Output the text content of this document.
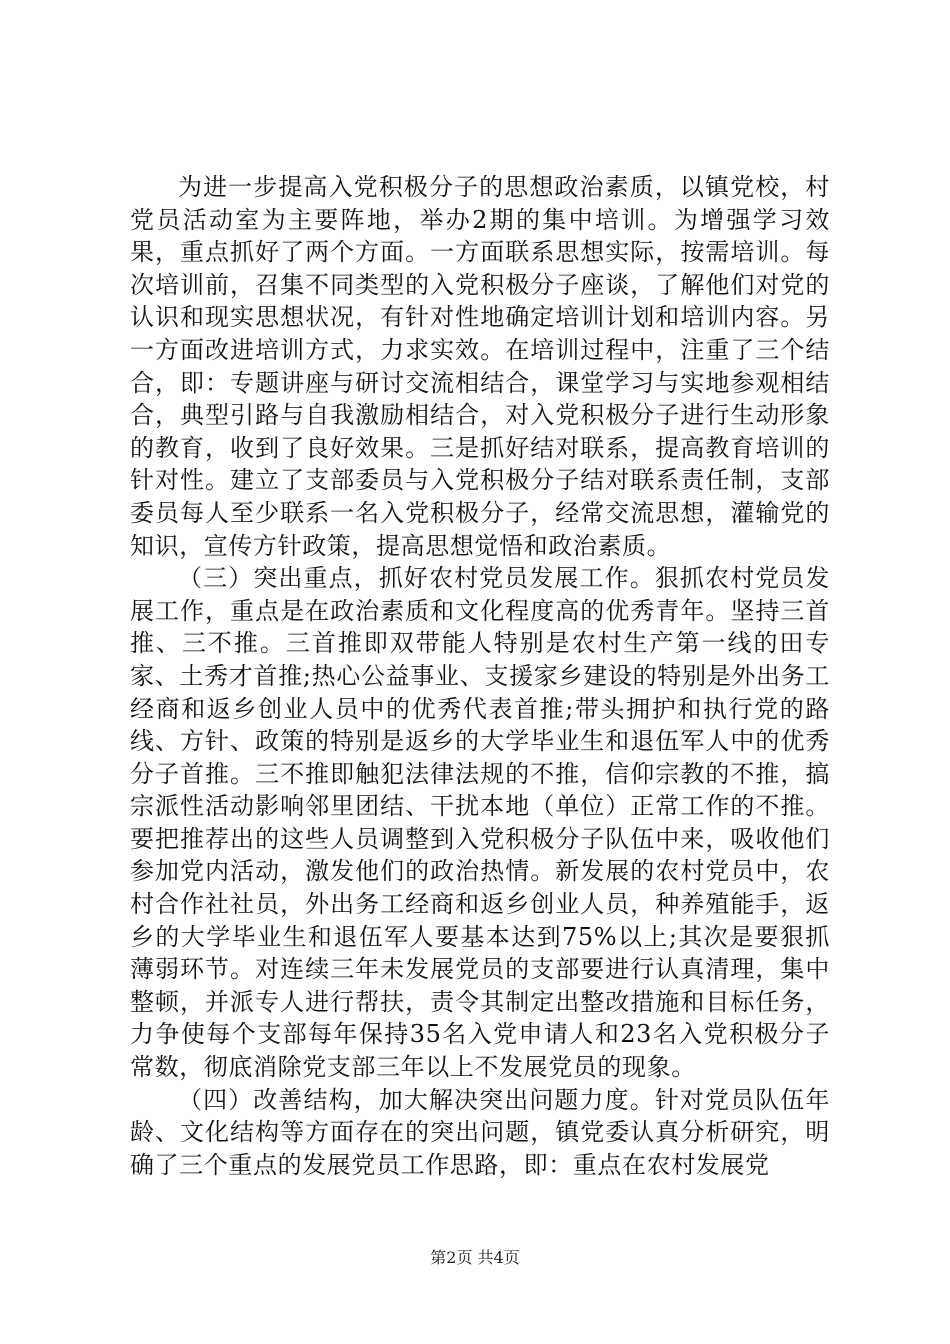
为进一步提高入党积极分子的思想政治素质，以镇党校，村党员活动室为主要阵地，举办2期的集中培训。为增强学习效果，重点抓好了两个方面。一方面联系思想实际，按需培训。每次培训前，召集不同类型的入党积极分子座谈，了解他们对党的认识和现实思想状况，有针对性地确定培训计划和培训内容。另一方面改进培训方式，力求实效。在培训过程中，注重了三个结合，即：专题讲座与研讨交流相结合，课堂学习与实地参观相结合，典型引路与自我激励相结合，对入党积极分子进行生动形象的教育，收到了良好效果。三是抓好结对联系，提高教育培训的针对性。建立了支部委员与入党积极分子结对联系责任制，支部委员每人至少联系一名入党积极分子，经常交流思想，灌输党的知识，宣传方针政策，提高思想觉悟和政治素质。

（三）突出重点，抓好农村党员发展工作。狠抓农村党员发展工作，重点是在政治素质和文化程度高的优秀青年。坚持三首推、三不推。三首推即双带能人特别是农村生产第一线的田专家、土秀才首推;热心公益事业、支援家乡建设的特别是外出务工经商和返乡创业人员中的优秀代表首推;带头拥护和执行党的路线、方针、政策的特别是返乡的大学毕业生和退伍军人中的优秀分子首推。三不推即触犯法律法规的不推，信仰宗教的不推，搞宗派性活动影响邻里团结、干扰本地（单位）正常工作的不推。要把推荐出的这些人员调整到入党积极分子队伍中来，吸收他们参加党内活动，激发他们的政治热情。新发展的农村党员中，农村合作社社员，外出务工经商和返乡创业人员，种养殖能手，返乡的大学毕业生和退伍军人要基本达到75%以上;其次是要狠抓薄弱环节。对连续三年未发展党员的支部要进行认真清理，集中整顿，并派专人进行帮扶，责令其制定出整改措施和目标任务，力争使每个支部每年保持35名入党申请人和23名入党积极分子常数，彻底消除党支部三年以上不发展党员的现象。

（四）改善结构，加大解决突出问题力度。针对党员队伍年龄、文化结构等方面存在的突出问题，镇党委认真分析研究，明确了三个重点的发展党员工作思路，即：重点在农村发展党

第2页 共4页
